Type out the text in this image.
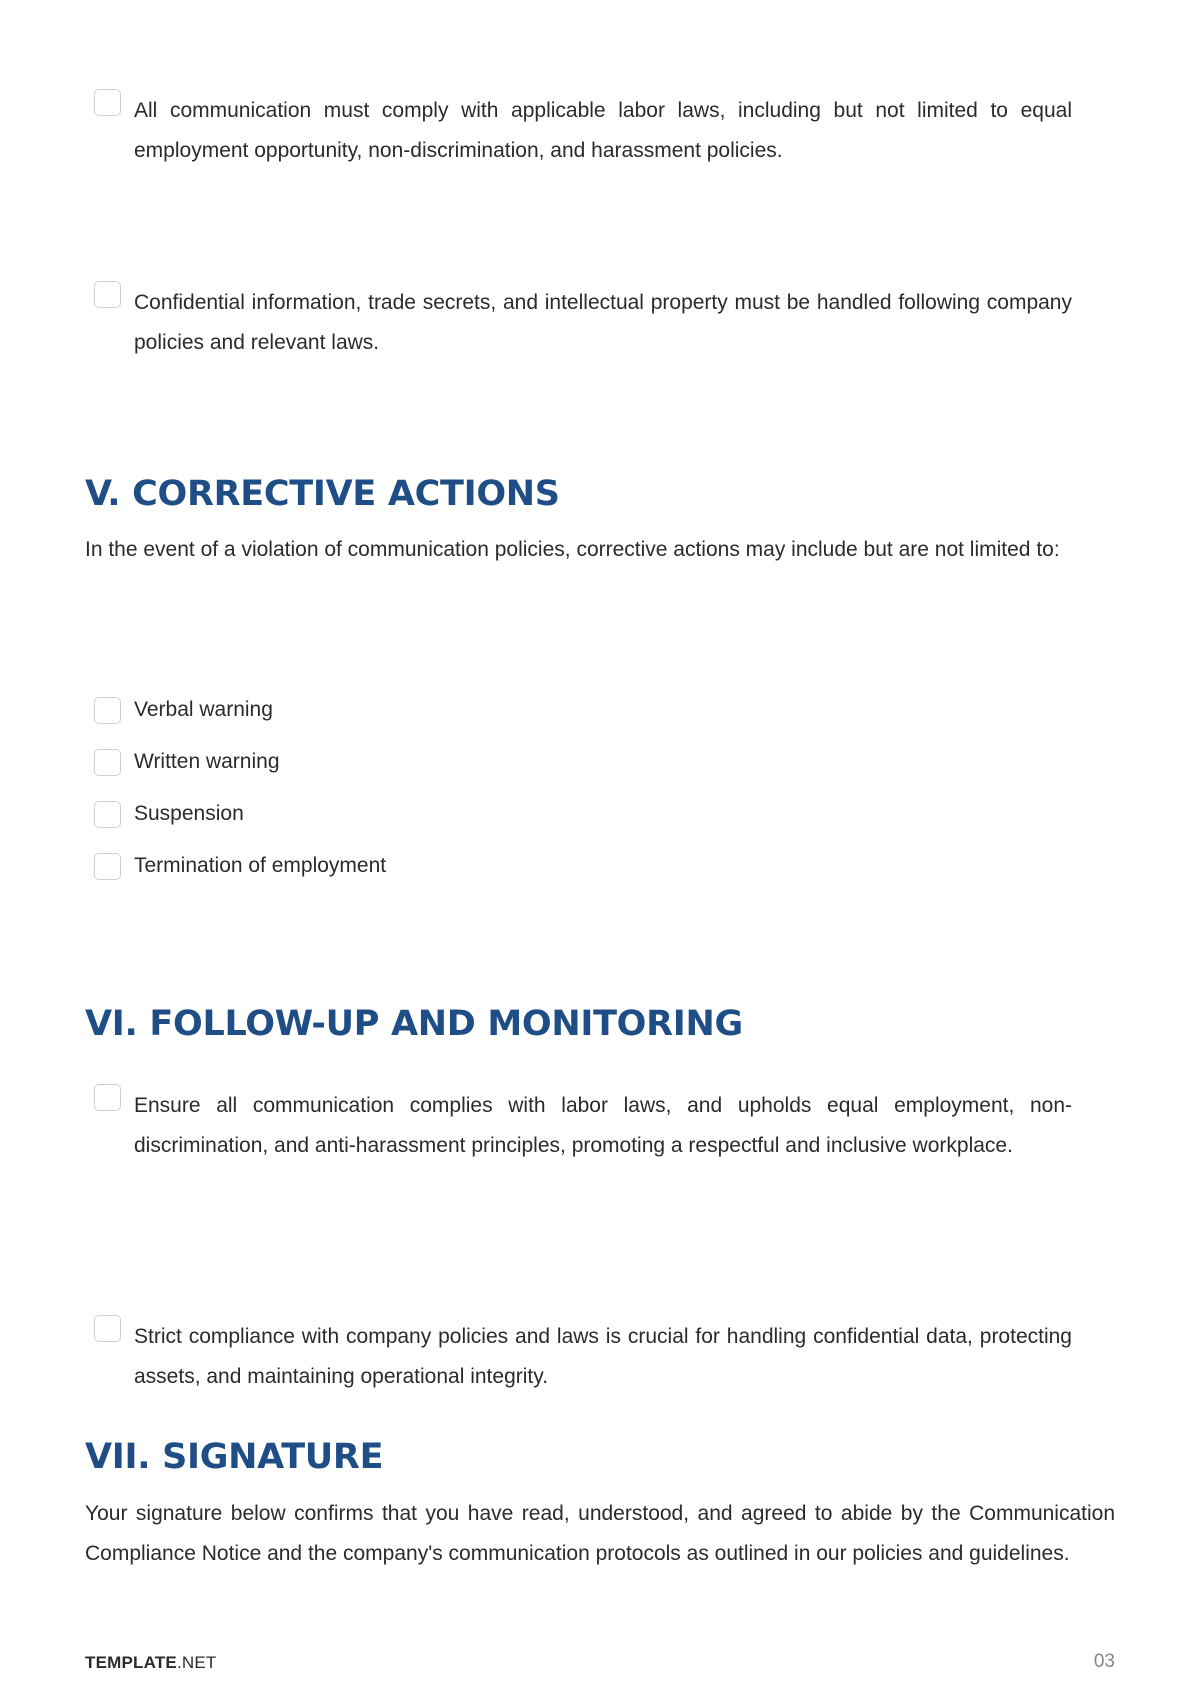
All communication must comply with applicable labor laws, including but not limited to equal employment opportunity, non-discrimination, and harassment policies.
Confidential information, trade secrets, and intellectual property must be handled following company policies and relevant laws.
V. CORRECTIVE ACTIONS
In the event of a violation of communication policies, corrective actions may include but are not limited to:
Verbal warning
Written warning
Suspension
Termination of employment
VI. FOLLOW-UP AND MONITORING
Ensure all communication complies with labor laws, and upholds equal employment, non-discrimination, and anti-harassment principles, promoting a respectful and inclusive workplace.
Strict compliance with company policies and laws is crucial for handling confidential data, protecting assets, and maintaining operational integrity.
VII. SIGNATURE
Your signature below confirms that you have read, understood, and agreed to abide by the Communication Compliance Notice and the company's communication protocols as outlined in our policies and guidelines.
TEMPLATE.NET	03
